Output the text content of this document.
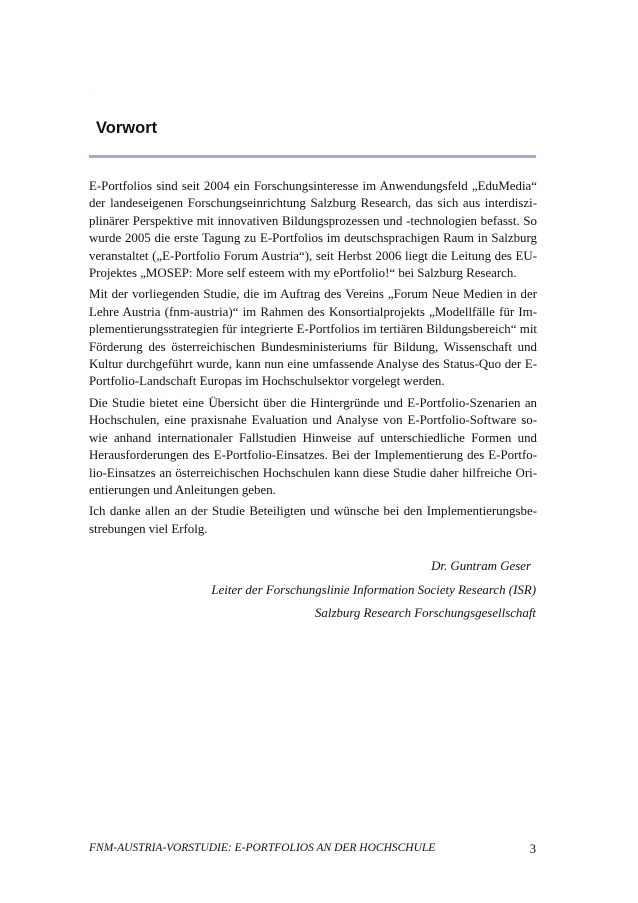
.
Vorwort

E-Portfolios sind seit 2004 ein Forschungsinteresse im Anwendungsfeld „EduMedia“ der landeseigenen Forschungseinrichtung Salzburg Research, das sich aus interdisziplinärer Perspektive mit innovativen Bildungsprozessen und -technologien befasst. So wurde 2005 die erste Tagung zu E-Portfolios im deutschsprachigen Raum in Salzburg veranstaltet („E-Portfolio Forum Austria“), seit Herbst 2006 liegt die Leitung des EU-Projektes „MOSEP: More self esteem with my ePortfolio!“ bei Salzburg Research.

Mit der vorliegenden Studie, die im Auftrag des Vereins „Forum Neue Medien in der Lehre Austria (fnm-austria)“ im Rahmen des Konsortialprojekts „Modellfälle für Implementierungsstrategien für integrierte E-Portfolios im tertiären Bildungsbereich“ mit Förderung des österreichischen Bundesministeriums für Bildung, Wissenschaft und Kultur durchgeführt wurde, kann nun eine umfassende Analyse des Status-Quo der E-Portfolio-Landschaft Europas im Hochschulsektor vorgelegt werden.

Die Studie bietet eine Übersicht über die Hintergründe und E-Portfolio-Szenarien an Hochschulen, eine praxisnahe Evaluation und Analyse von E-Portfolio-Software sowie anhand internationaler Fallstudien Hinweise auf unterschiedliche Formen und Herausforderungen des E-Portfolio-Einsatzes. Bei der Implementierung des E-Portfolio-Einsatzes an österreichischen Hochschulen kann diese Studie daher hilfreiche Orientierungen und Anleitungen geben.

Ich danke allen an der Studie Beteiligten und wünsche bei den Implementierungsbestrebungen viel Erfolg.

Dr. Guntram Geser
Leiter der Forschungslinie Information Society Research (ISR)
Salzburg Research Forschungsgesellschaft
FNM-AUSTRIA-VORSTUDIE: E-PORTFOLIOS AN DER HOCHSCHULE	3
